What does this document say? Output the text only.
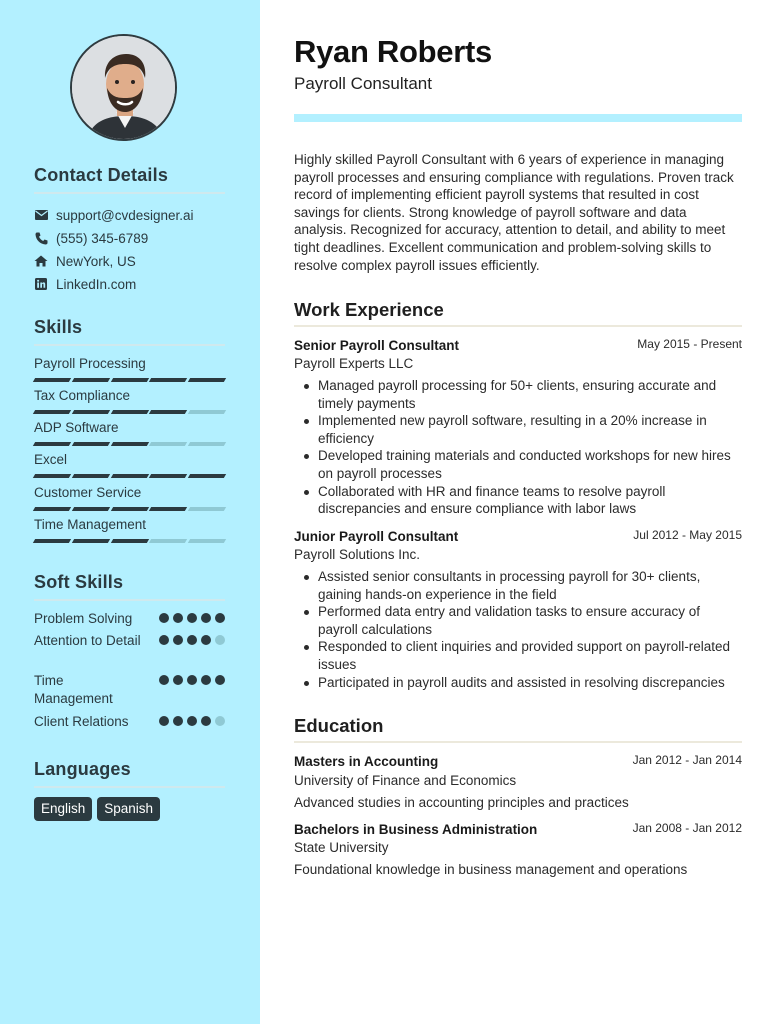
Contact Details
support@cvdesigner.ai
(555) 345-6789
NewYork, US
LinkedIn.com
Skills
Payroll Processing
Tax Compliance
ADP Software
Excel
Customer Service
Time Management
Soft Skills
Problem Solving
Attention to Detail
Time Management
Client Relations
Languages
English	Spanish
Ryan Roberts
Payroll Consultant
Highly skilled Payroll Consultant with 6 years of experience in managing payroll processes and ensuring compliance with regulations. Proven track record of implementing efficient payroll systems that resulted in cost savings for clients. Strong knowledge of payroll software and data analysis. Recognized for accuracy, attention to detail, and ability to meet tight deadlines. Excellent communication and problem-solving skills to resolve complex payroll issues efficiently.
Work Experience
Senior Payroll Consultant	May 2015 - Present
Payroll Experts LLC
Managed payroll processing for 50+ clients, ensuring accurate and timely payments
Implemented new payroll software, resulting in a 20% increase in efficiency
Developed training materials and conducted workshops for new hires on payroll processes
Collaborated with HR and finance teams to resolve payroll discrepancies and ensure compliance with labor laws
Junior Payroll Consultant	Jul 2012 - May 2015
Payroll Solutions Inc.
Assisted senior consultants in processing payroll for 30+ clients, gaining hands-on experience in the field
Performed data entry and validation tasks to ensure accuracy of payroll calculations
Responded to client inquiries and provided support on payroll-related issues
Participated in payroll audits and assisted in resolving discrepancies
Education
Masters in Accounting	Jan 2012 - Jan 2014
University of Finance and Economics
Advanced studies in accounting principles and practices
Bachelors in Business Administration	Jan 2008 - Jan 2012
State University
Foundational knowledge in business management and operations
